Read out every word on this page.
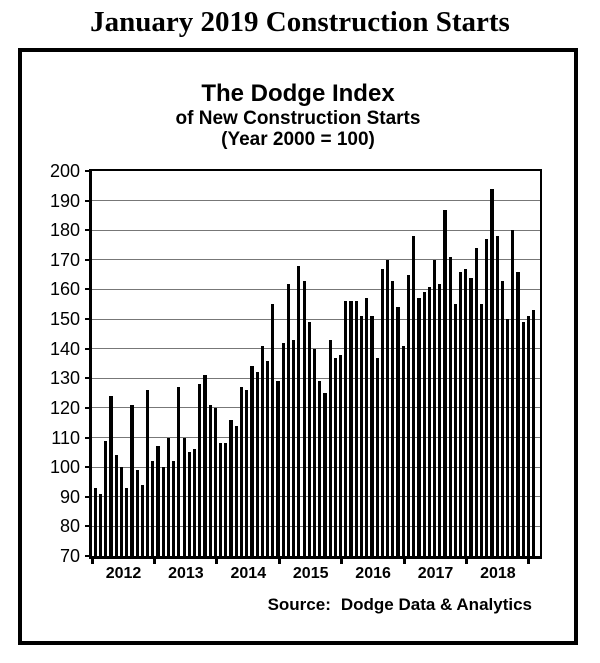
January 2019 Construction Starts
The Dodge Index
of New Construction Starts
(Year 2000 = 100)
200
190
180
170
160
150
140
130
120
110
100
90
80
70
2012	2013	2014	2015	2016	2017	2018
Source: Dodge Data & Analytics
